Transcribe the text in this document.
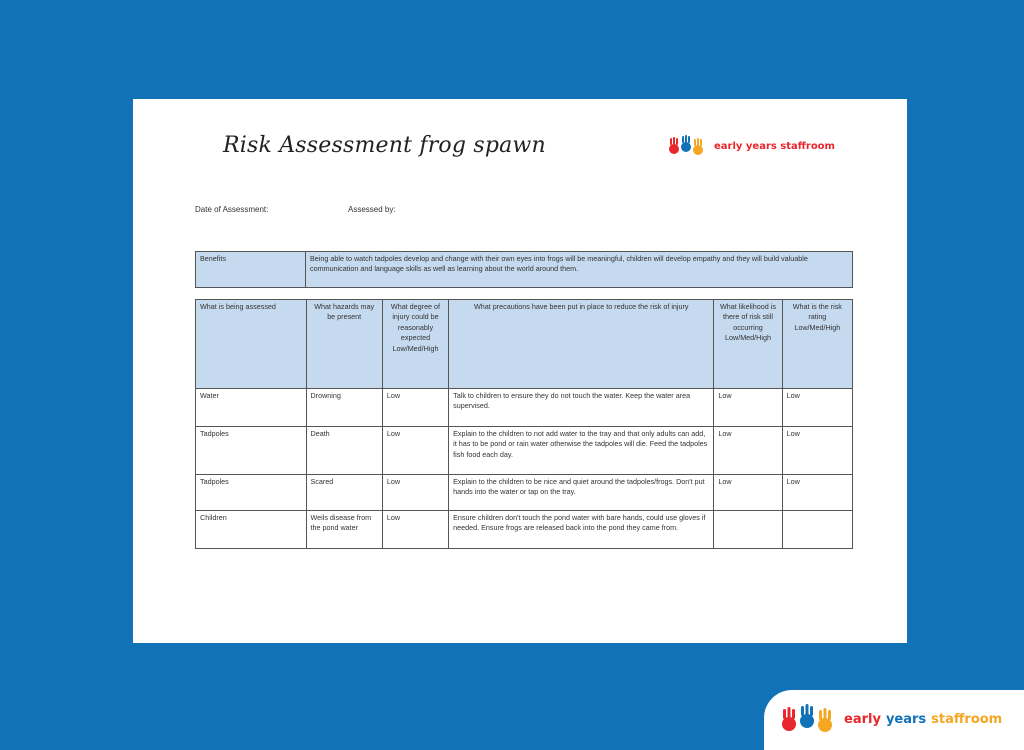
Risk Assessment frog spawn	early years staffroom
Date of Assessment:	Assessed by:
Benefits	Being able to watch tadpoles develop and change with their own eyes into frogs will be meaningful, children will develop empathy and they will build valuable communication and language skills as well as learning about the world around them.
What is being assessed	What hazards may be present	What degree of injury could be reasonably expected Low/Med/High	What precautions have been put in place to reduce the risk of injury	What likelihood is there of risk still occurring Low/Med/High	What is the risk rating Low/Med/High
Water	Drowning	Low	Talk to children to ensure they do not touch the water. Keep the water area supervised.	Low	Low
Tadpoles	Death	Low	Explain to the children to not add water to the tray and that only adults can add, it has to be pond or rain water otherwise the tadpoles will die. Feed the tadpoles fish food each day.	Low	Low
Tadpoles	Scared	Low	Explain to the children to be nice and quiet around the tadpoles/frogs. Don't put hands into the water or tap on the tray.	Low	Low
Children	Weils disease from the pond water	Low	Ensure children don't touch the pond water with bare hands, could use gloves if needed. Ensure frogs are released back into the pond they came from.		
early years staffroom
